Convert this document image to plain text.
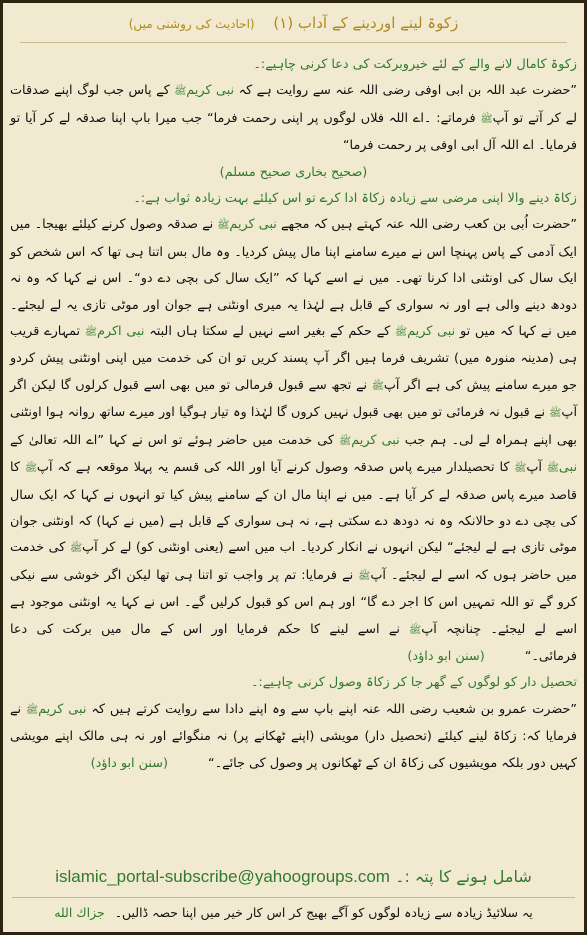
زکوۃ لینے اوردینے کے آداب (١) (احادیث کی روشنی میں)

زکوۃ کامال لانے والے کے لئے خیروبرکت کی دعا کرنی چاہیے:۔

”حضرت عبد اللہ بن ابی اوفی رضی اللہ عنہ سے روایت ہے کہ نبی کریمﷺ کے پاس جب لوگ اپنے صدقات لے کر آتے تو آپﷺ فرماتے: ۔اے اللہ فلاں لوگوں پر اپنی رحمت فرما“ جب میرا باپ اپنا صدقہ لے کر آیا تو فرمایا۔ اے اللہ آل ابی اوفی پر رحمت فرما“

(صحیح بخاری صحیح مسلم)

زکاۃ دینے والا اپنی مرضی سے زیادہ زکاۃ ادا کرے تو اس کیلئے بہت زیادہ ثواب ہے:۔

”حضرت اُبی بن کعب رضی اللہ عنہ کہتے ہیں کہ مجھے نبی کریمﷺ نے صدقہ وصول کرنے کیلئے بھیجا۔ میں ایک آدمی کے پاس پہنچا اس نے میرے سامنے اپنا مال پیش کردیا۔ وہ مال بس اتنا ہی تھا کہ اس شخص کو ایک سال کی اونٹنی ادا کرنا تھی۔ میں نے اسے کہا کہ ”ایک سال کی بچی دے دو“۔ اس نے کہا کہ وہ نہ دودھ دینے والی ہے اور نہ سواری کے قابل ہے لہٰذا یہ میری اونٹنی ہے جوان اور موٹی تازی یہ لے لیجئے۔ میں نے کہا کہ میں تو نبی کریمﷺ کے حکم کے بغیر اسے نہیں لے سکتا ہاں البتہ نبی اکرمﷺ تمہارے قریب ہی (مدینہ منورہ میں) تشریف فرما ہیں اگر آپ پسند کریں تو ان کی خدمت میں اپنی اونٹنی پیش کردو جو میرے سامنے پیش کی ہے اگر آپﷺ نے تجھ سے قبول فرمالی تو میں بھی اسے قبول کرلوں گا لیکن اگر آپﷺ نے قبول نہ فرمائی تو میں بھی قبول نہیں کروں گا لہٰذا وہ تیار ہوگیا اور میرے ساتھ روانہ ہوا اونٹنی بھی اپنے ہمراہ لے لی۔ ہم جب نبی کریمﷺ کی خدمت میں حاضر ہوئے تو اس نے کہا ”اے اللہ تعالیٰ کے نبیﷺ آپﷺ کا تحصیلدار میرے پاس صدقہ وصول کرنے آیا اور اللہ کی قسم یہ پہلا موقعہ ہے کہ آپﷺ کا قاصد میرے پاس صدقہ لے کر آیا ہے۔ میں نے اپنا مال ان کے سامنے پیش کیا تو انہوں نے کہا کہ ایک سال کی بچی دے دو حالانکہ وہ نہ دودھ دے سکتی ہے، نہ ہی سواری کے قابل ہے (میں نے کہا) کہ اونٹنی جوان موٹی تازی ہے لے لیجئے“ لیکن انہوں نے انکار کردیا۔ اب میں اسے (یعنی اونٹنی کو) لے کر آپﷺ کی خدمت میں حاضر ہوں کہ اسے لے لیجئے۔ آپﷺ نے فرمایا: تم پر واجب تو اتنا ہی تھا لیکن اگر خوشی سے نیکی کرو گے تو اللہ تمہیں اس کا اجر دے گا“ اور ہم اس کو قبول کرلیں گے۔ اس نے کہا یہ اونٹنی موجود ہے اسے لے لیجئے۔ چنانچہ آپﷺ نے اسے لینے کا حکم فرمایا اور اس کے مال میں برکت کی دعا فرمائی۔“(سنن ابو داؤد)

تحصیل دار کو لوگوں کے گھر جا کر زکاۃ وصول کرنی چاہیے:۔

”حضرت عمرو بن شعیب رضی اللہ عنہ اپنے باپ سے وہ اپنے دادا سے روایت کرتے ہیں کہ نبی کریمﷺ نے فرمایا کہ: زکاۃ لینے کیلئے (تحصیل دار) مویشی (اپنے ٹھکانے پر) نہ منگوائے اور نہ ہی مالک اپنے مویشی کہیں دور بلکہ مویشیوں کی زکاۃ ان کے ٹھکانوں پر وصول کی جائے۔“(سنن ابو داؤد)

شامل ہونے کا پتہ :۔ islamic_portal-subscribe@yahoogroups.com
یہ سلائیڈ زیادہ سے زیادہ لوگوں کو آگے بھیج کر اس کار خیر میں اپنا حصہ ڈالیں۔ جزاك الله
